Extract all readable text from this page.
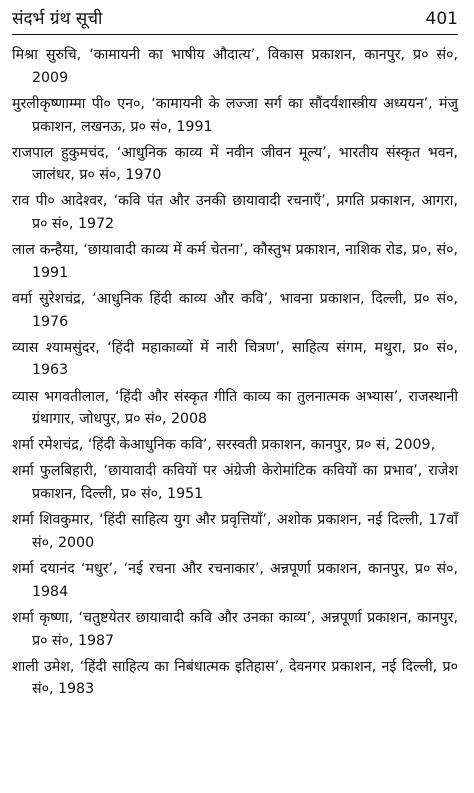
संदर्भ ग्रंथ सूची	401

मिश्रा सुरुचि, ‘कामायनी का भाषीय औदात्य’, विकास प्रकाशन, कानपुर, प्र० सं०, 2009

मुरलीकृष्णाम्मा पी० एन०, ‘कामायनी के लज्जा सर्ग का सौंदर्यशास्त्रीय अध्ययन’, मंजु प्रकाशन, लखनऊ, प्र० सं०, 1991

राजपाल हुकुमचंद, ‘आधुनिक काव्य में नवीन जीवन मूल्य’, भारतीय संस्कृत भवन, जालंधर, प्र० सं०, 1970

राव पी० आदेश्वर, ‘कवि पंत और उनकी छायावादी रचनाएँ’, प्रगति प्रकाशन, आगरा, प्र० सं०, 1972

लाल कन्हैया, ‘छायावादी काव्य में कर्म चेतना’, कौस्तुभ प्रकाशन, नाशिक रोड, प्र०, सं०, 1991

वर्मा सुरेशचंद्र, ‘आधुनिक हिंदी काव्य और कवि’, भावना प्रकाशन, दिल्ली, प्र० सं०, 1976

व्यास श्यामसुंदर, ‘हिंदी महाकाव्यों में नारी चित्रण’, साहित्य संगम, मथुरा, प्र० सं०, 1963

व्यास भगवतीलाल, ‘हिंदी और संस्कृत गीति काव्य का तुलनात्मक अभ्यास’, राजस्थानी ग्रंथागार, जोधपुर, प्र० सं०, 2008

शर्मा रमेशचंद्र, ‘हिंदी केआधुनिक कवि’, सरस्वती प्रकाशन, कानपुर, प्र० सं, 2009,

शर्मा फुलबिहारी, ‘छायावादी कवियों पर अंग्रेजी केरोमांटिक कवियों का प्रभाव’, राजेश प्रकाशन, दिल्ली, प्र० सं०, 1951

शर्मा शिवकुमार, ‘हिंदी साहित्य युग और प्रवृत्तियाँ’, अशोक प्रकाशन, नई दिल्ली, 17वाँ सं०, 2000

शर्मा दयानंद ‘मधुर’, ‘नई रचना और रचनाकार’, अन्नपूर्णा प्रकाशन, कानपुर, प्र० सं०, 1984

शर्मा कृष्णा, ‘चतुष्टयेतर छायावादी कवि और उनका काव्य’, अन्नपूर्णा प्रकाशन, कानपुर, प्र० सं०, 1987

शाली उमेश, ‘हिंदी साहित्य का निबंधात्मक इतिहास’, देवनगर प्रकाशन, नई दिल्ली, प्र० सं०, 1983
